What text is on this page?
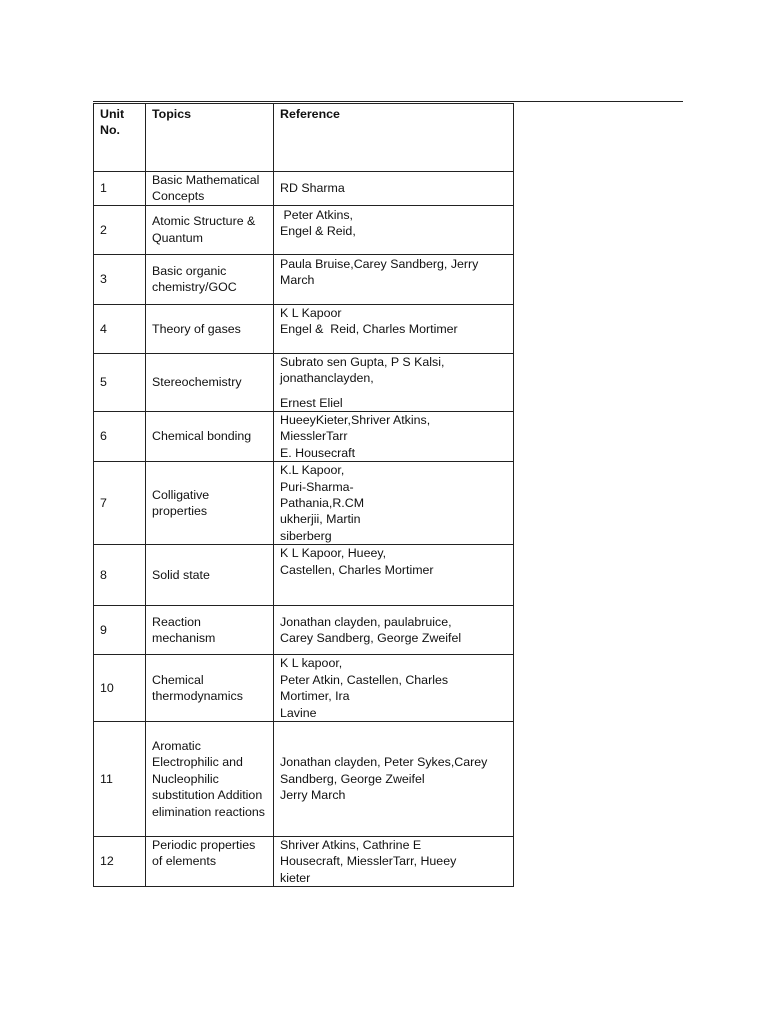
Unit
No.	Topics	Reference
1	Basic Mathematical Concepts	RD Sharma

2	Atomic Structure & Quantum	Peter Atkins,
Engel & Reid,

3	Basic organic chemistry/GOC	Paula Bruise,Carey Sandberg, Jerry
March

4	Theory of gases	K L Kapoor
Engel &  Reid, Charles Mortimer

5	Stereochemistry	Subrato sen Gupta, P S Kalsi,
jonathanclayden,
Ernest Eliel

6	Chemical bonding	HueeyKieter,Shriver Atkins,
MiesslerTarr
E. Housecraft

7	Colligative properties	K.L Kapoor,
Puri-Sharma-
Pathania,R.CM
ukherjii, Martin
siberberg

8	Solid state	K L Kapoor, Hueey,
Castellen, Charles Mortimer

9	Reaction mechanism	Jonathan clayden, paulabruice,
Carey Sandberg, George Zweifel

10	Chemical thermodynamics	K L kapoor,
Peter Atkin, Castellen, Charles
Mortimer, Ira
Lavine

11	Aromatic Electrophilic and Nucleophilic substitution Addition elimination reactions	Jonathan clayden, Peter Sykes,Carey
Sandberg, George Zweifel
Jerry March

12	Periodic properties of elements	Shriver Atkins, Cathrine E
Housecraft, MiesslerTarr, Hueey
kieter
